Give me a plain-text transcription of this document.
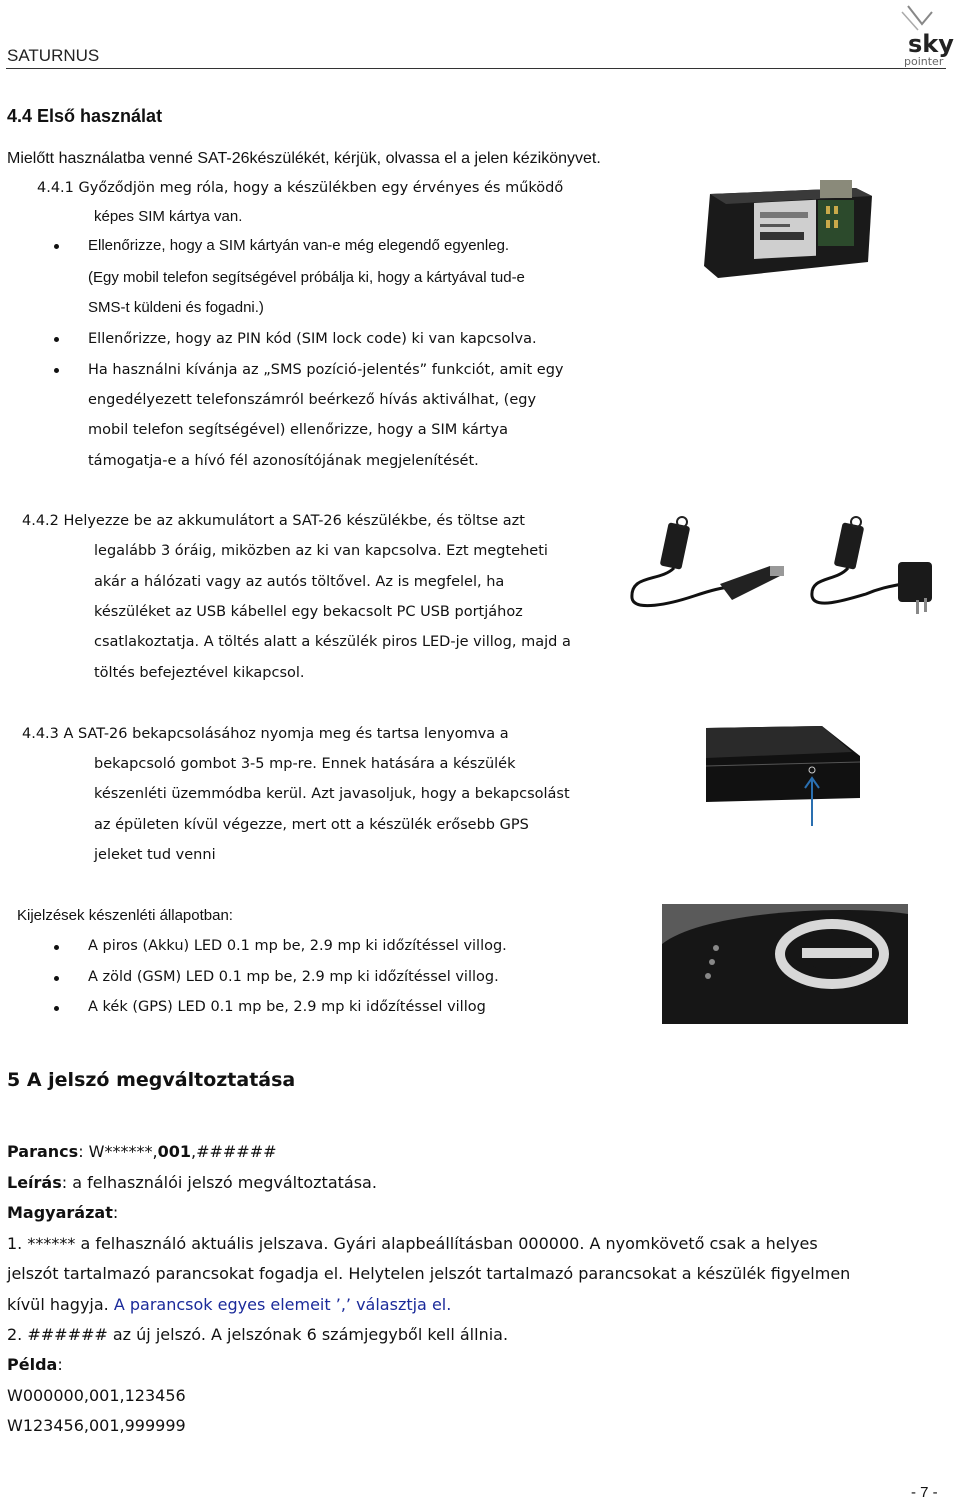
SATURNUS	sky
pointer
4.4 Első használat
Mielőtt használatba venné SAT-26készülékét, kérjük, olvassa el a jelen kézikönyvet.
4.4.1 Győződjön meg róla, hogy a készülékben egy érvényes és működő
képes SIM kártya van.
Ellenőrizze, hogy a SIM kártyán van-e még elegendő egyenleg.
(Egy mobil telefon segítségével próbálja ki, hogy a kártyával tud-e
SMS-t küldeni és fogadni.)
Ellenőrizze, hogy az PIN kód (SIM lock code) ki van kapcsolva.
Ha használni kívánja az „SMS pozíció-jelentés” funkciót, amit egy
engedélyezett telefonszámról beérkező hívás aktiválhat, (egy
mobil telefon segítségével) ellenőrizze, hogy a SIM kártya
támogatja-e a hívó fél azonosítójának megjelenítését.
4.4.2 Helyezze be az akkumulátort a SAT-26 készülékbe, és töltse azt
legalább 3 óráig, miközben az ki van kapcsolva. Ezt megteheti
akár a hálózati vagy az autós töltővel. Az is megfelel, ha
készüléket az USB kábellel egy bekacsolt PC USB portjához
csatlakoztatja. A töltés alatt a készülék piros LED-je villog, majd a
töltés befejeztével kikapcsol.
4.4.3 A SAT-26 bekapcsolásához nyomja meg és tartsa lenyomva a
bekapcsoló gombot 3-5 mp-re. Ennek hatására a készülék
készenléti üzemmódba kerül. Azt javasoljuk, hogy a bekapcsolást
az épületen kívül végezze, mert ott a készülék erősebb GPS
jeleket tud venni
Kijelzések készenléti állapotban:
A piros (Akku) LED 0.1 mp be, 2.9 mp ki időzítéssel villog.
A zöld (GSM) LED 0.1 mp be, 2.9 mp ki időzítéssel villog.
A kék (GPS) LED 0.1 mp be, 2.9 mp ki időzítéssel villog
5 A jelszó megváltoztatása
Parancs: W******,001,######
Leírás: a felhasználói jelszó megváltoztatása.
Magyarázat:
1. ****** a felhasználó aktuális jelszava. Gyári alapbeállításban 000000. A nyomkövető csak a helyes
jelszót tartalmazó parancsokat fogadja el. Helytelen jelszót tartalmazó parancsokat a készülék figyelmen
kívül hagyja. A parancsok egyes elemeit ’,’ választja el.
2. ###### az új jelszó. A jelszónak 6 számjegyből kell állnia.
Példa:
W000000,001,123456
W123456,001,999999
- 7 -
